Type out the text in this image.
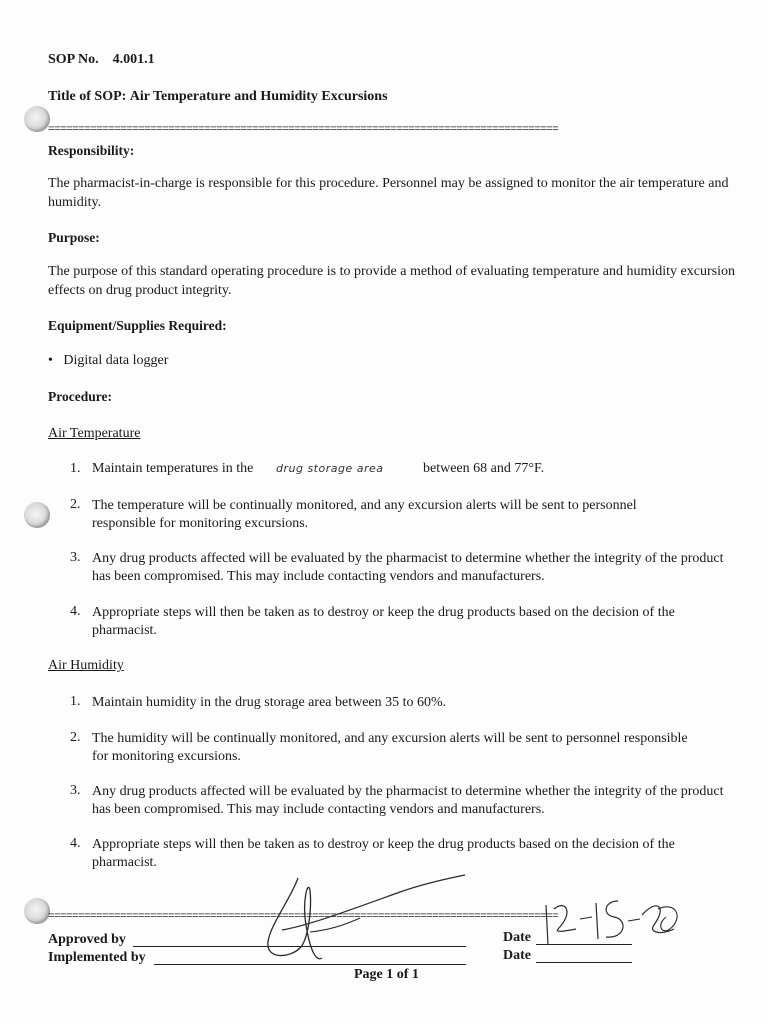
SOP No. 4.001.1
Title of SOP: Air Temperature and Humidity Excursions
=====================================================================================
Responsibility:
The pharmacist-in-charge is responsible for this procedure. Personnel may be assigned to monitor the air temperature and humidity.
Purpose:
The purpose of this standard operating procedure is to provide a method of evaluating temperature and humidity excursion effects on drug product integrity.
Equipment/Supplies Required:
•   Digital data logger
Procedure:
Air Temperature
1. Maintain temperatures in the drug storage area	between 68 and 77°F.
2. The temperature will be continually monitored, and any excursion alerts will be sent to personnel responsible for monitoring excursions.
3. Any drug products affected will be evaluated by the pharmacist to determine whether the integrity of the product has been compromised. This may include contacting vendors and manufacturers.
4. Appropriate steps will then be taken as to destroy or keep the drug products based on the decision of the pharmacist.
Air Humidity
1. Maintain humidity in the drug storage area between 35 to 60%.
2. The humidity will be continually monitored, and any excursion alerts will be sent to personnel responsible for monitoring excursions.
3. Any drug products affected will be evaluated by the pharmacist to determine whether the integrity of the product has been compromised. This may include contacting vendors and manufacturers.
4. Appropriate steps will then be taken as to destroy or keep the drug products based on the decision of the pharmacist.
=====================================================================================
Approved by
Implemented by
Date
Date
Page 1 of 1
